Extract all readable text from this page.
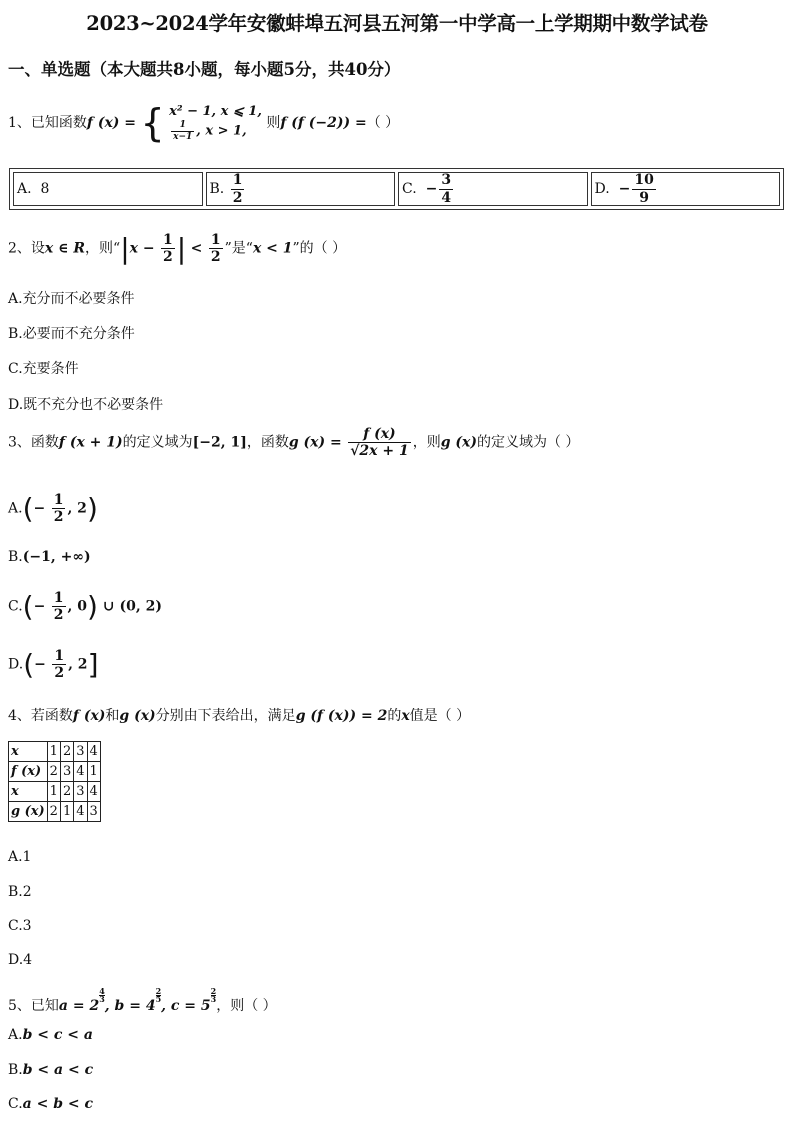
2023~2024学年安徽蚌埠五河县五河第一中学高一上学期期中数学试卷
一、单选题（本大题共8小题，每小题5分，共40分）
1、已知函数f (x) = { x² − 1, x ⩽ 1,
$\frac{1}{x-1}$ , x > 1,
则f (f (−2)) =（ ）
A.
8	B.
$\frac{1}{2}$	C.
− $\frac{3}{4}$	D.
− $\frac{10}{9}$
2、设x ∈ R，则“$|x - \frac{1}{2}$ | < $\frac{1}{2}$ ”是“x < 1”的（ ）
A.充分而不必要条件
B.必要而不充分条件
C.充要条件
D.既不充分也不必要条件
3、函数f (x + 1)的定义域为[−2, 1]，函数g $(x) = \frac{f (x)}{√2x + 1}$ ，则g (x)的定义域为（ ）
$A.(- \frac{1}{2}$ , 2)
B.(−1, +∞)
$C.(- \frac{1}{2}$ , 0) ∪ (0, 2)
$D.(- \frac{1}{2}$ , 2]
4、若函数f (x)和g (x)分别由下表给出，满足g (f (x)) = 2的x值是（ ）
x	1	2	3	4
f (x)	2	3	4	1
x	1	2	3	4
g (x)	2	1	4	3
A.1
B.2
C.3
D.4
5、已知a = 2
$\frac{4}{3}$, b = 4
$\frac{2}{5}$, c = 5
$\frac{2}{3}$，则（ ）
A.b < c < a
B.b < a < c
C.a < b < c
